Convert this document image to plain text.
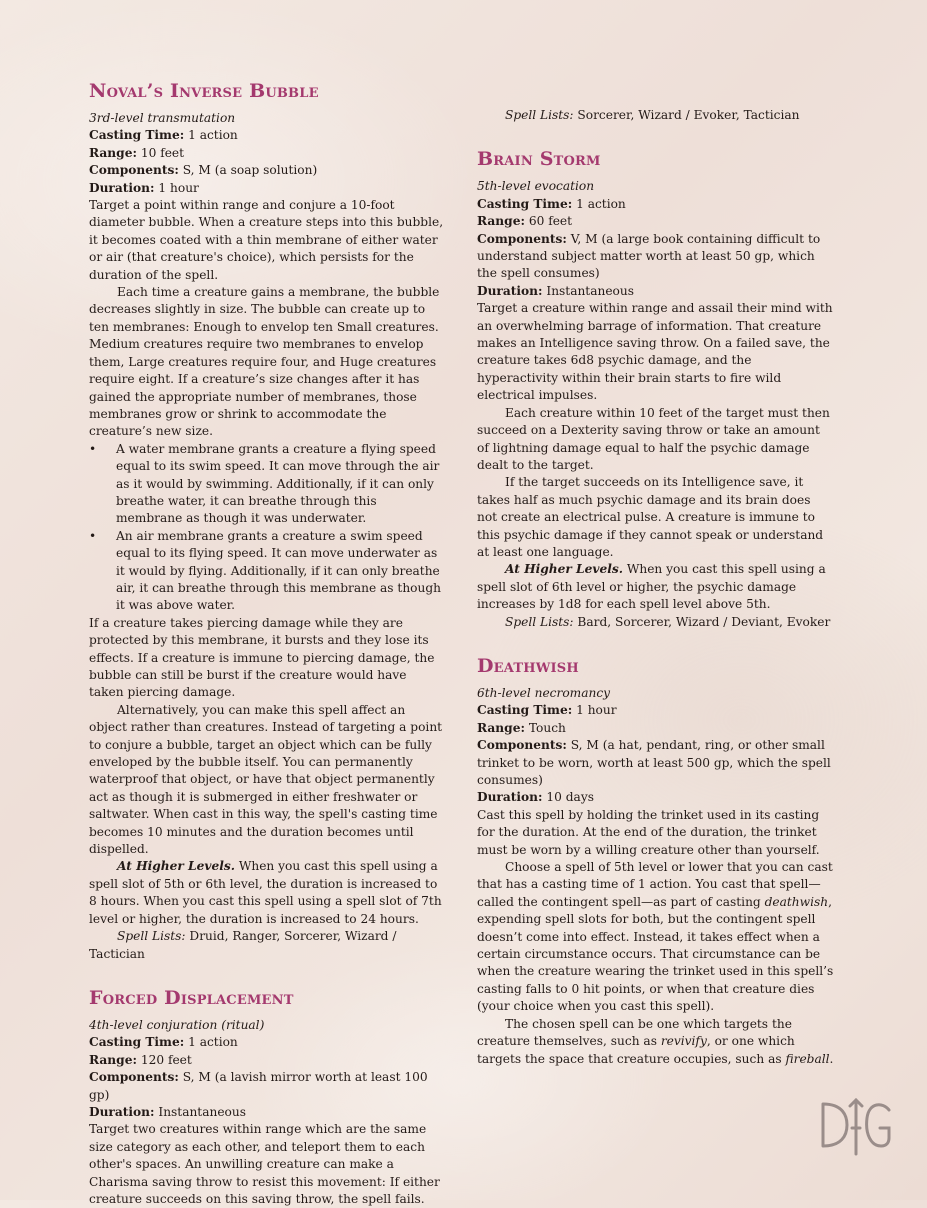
Noval’s Inverse Bubble

3rd-level transmutation

Casting Time: 1 action

Range: 10 feet

Components: S, M (a soap solution)

Duration: 1 hour

Target a point within range and conjure a 10-foot diameter bubble. When a creature steps into this bubble, it becomes coated with a thin membrane of either water or air (that creature's choice), which persists for the duration of the spell.

Each time a creature gains a membrane, the bubble decreases slightly in size. The bubble can create up to ten membranes: Enough to envelop ten Small creatures. Medium creatures require two membranes to envelop them, Large creatures require four, and Huge creatures require eight. If a creature’s size changes after it has gained the appropriate number of membranes, those membranes grow or shrink to accommodate the creature’s new size.

• A water membrane grants a creature a flying speed equal to its swim speed. It can move through the air as it would by swimming. Additionally, if it can only breathe water, it can breathe through this membrane as though it was underwater.
• An air membrane grants a creature a swim speed equal to its flying speed. It can move underwater as it would by flying. Additionally, if it can only breathe air, it can breathe through this membrane as though it was above water.

If a creature takes piercing damage while they are protected by this membrane, it bursts and they lose its effects. If a creature is immune to piercing damage, the bubble can still be burst if the creature would have taken piercing damage.

Alternatively, you can make this spell affect an object rather than creatures. Instead of targeting a point to conjure a bubble, target an object which can be fully enveloped by the bubble itself. You can permanently waterproof that object, or have that object permanently act as though it is submerged in either freshwater or saltwater. When cast in this way, the spell's casting time becomes 10 minutes and the duration becomes until dispelled.

At Higher Levels. When you cast this spell using a spell slot of 5th or 6th level, the duration is increased to 8 hours. When you cast this spell using a spell slot of 7th level or higher, the duration is increased to 24 hours.

Spell Lists: Druid, Ranger, Sorcerer, Wizard / Tactician

Forced Displacement

4th-level conjuration (ritual)

Casting Time: 1 action

Range: 120 feet

Components: S, M (a lavish mirror worth at least 100 gp)

Duration: Instantaneous

Target two creatures within range which are the same size category as each other, and teleport them to each other's spaces. An unwilling creature can make a Charisma saving throw to resist this movement: If either creature succeeds on this saving throw, the spell fails.

Spell Lists: Sorcerer, Wizard / Evoker, Tactician

Brain Storm

5th-level evocation

Casting Time: 1 action

Range: 60 feet

Components: V, M (a large book containing difficult to understand subject matter worth at least 50 gp, which the spell consumes)

Duration: Instantaneous

Target a creature within range and assail their mind with an overwhelming barrage of information. That creature makes an Intelligence saving throw. On a failed save, the creature takes 6d8 psychic damage, and the hyperactivity within their brain starts to fire wild electrical impulses.

Each creature within 10 feet of the target must then succeed on a Dexterity saving throw or take an amount of lightning damage equal to half the psychic damage dealt to the target.

If the target succeeds on its Intelligence save, it takes half as much psychic damage and its brain does not create an electrical pulse. A creature is immune to this psychic damage if they cannot speak or understand at least one language.

At Higher Levels. When you cast this spell using a spell slot of 6th level or higher, the psychic damage increases by 1d8 for each spell level above 5th.

Spell Lists: Bard, Sorcerer, Wizard / Deviant, Evoker

Deathwish

6th-level necromancy

Casting Time: 1 hour

Range: Touch

Components: S, M (a hat, pendant, ring, or other small trinket to be worn, worth at least 500 gp, which the spell consumes)

Duration: 10 days

Cast this spell by holding the trinket used in its casting for the duration. At the end of the duration, the trinket must be worn by a willing creature other than yourself.

Choose a spell of 5th level or lower that you can cast that has a casting time of 1 action. You cast that spell—called the contingent spell—as part of casting deathwish, expending spell slots for both, but the contingent spell doesn’t come into effect. Instead, it takes effect when a certain circumstance occurs. That circumstance can be when the creature wearing the trinket used in this spell’s casting falls to 0 hit points, or when that creature dies (your choice when you cast this spell).

The chosen spell can be one which targets the creature themselves, such as revivify, or one which targets the space that creature occupies, such as fireball.
